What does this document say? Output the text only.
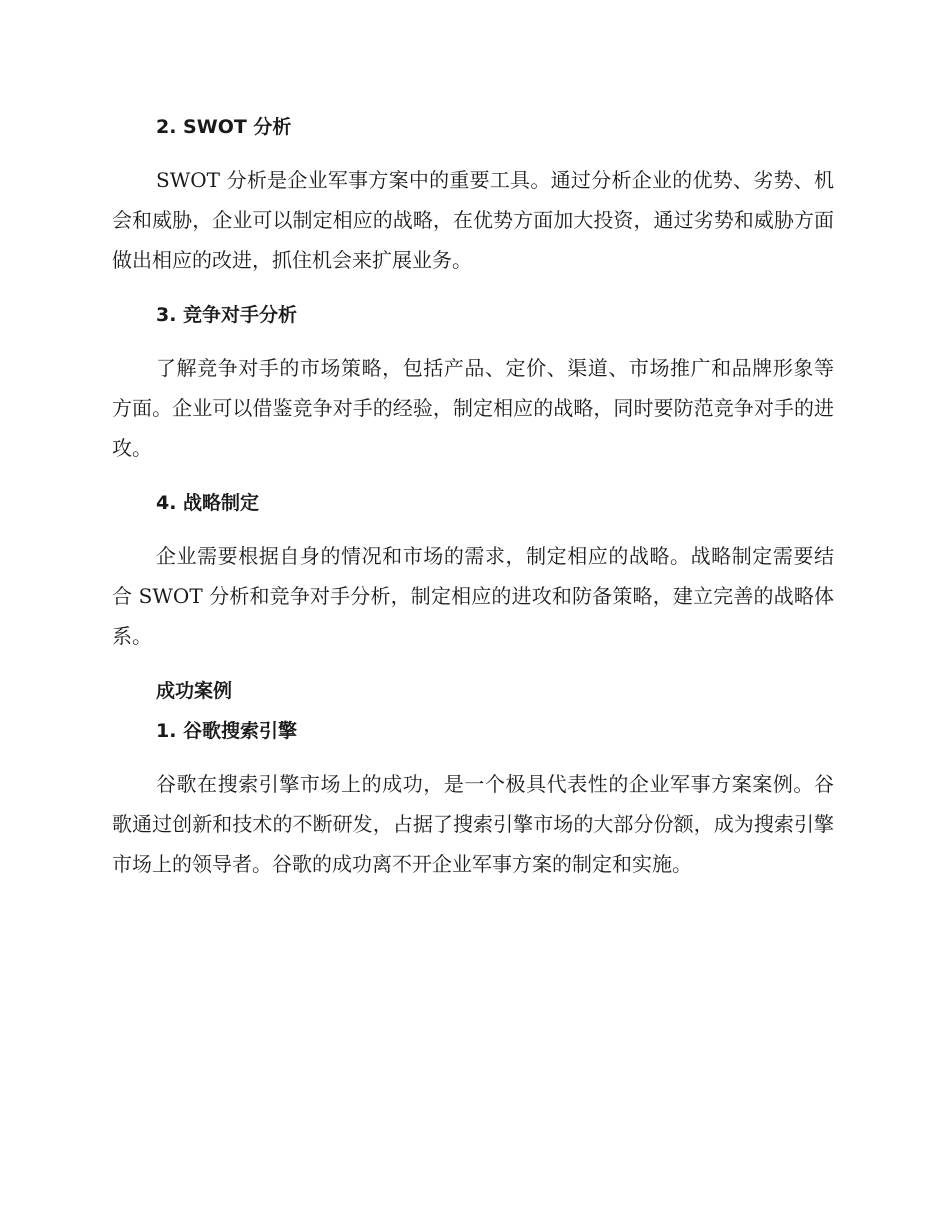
2. SWOT 分析

SWOT 分析是企业军事方案中的重要工具。通过分析企业的优势、劣势、机会和威胁，企业可以制定相应的战略，在优势方面加大投资，通过劣势和威胁方面做出相应的改进，抓住机会来扩展业务。

3. 竞争对手分析

了解竞争对手的市场策略，包括产品、定价、渠道、市场推广和品牌形象等方面。企业可以借鉴竞争对手的经验，制定相应的战略，同时要防范竞争对手的进攻。

4. 战略制定

企业需要根据自身的情况和市场的需求，制定相应的战略。战略制定需要结合 SWOT 分析和竞争对手分析，制定相应的进攻和防备策略，建立完善的战略体系。

成功案例
1. 谷歌搜索引擎

谷歌在搜索引擎市场上的成功，是一个极具代表性的企业军事方案案例。谷歌通过创新和技术的不断研发，占据了搜索引擎市场的大部分份额，成为搜索引擎市场上的领导者。谷歌的成功离不开企业军事方案的制定和实施。
